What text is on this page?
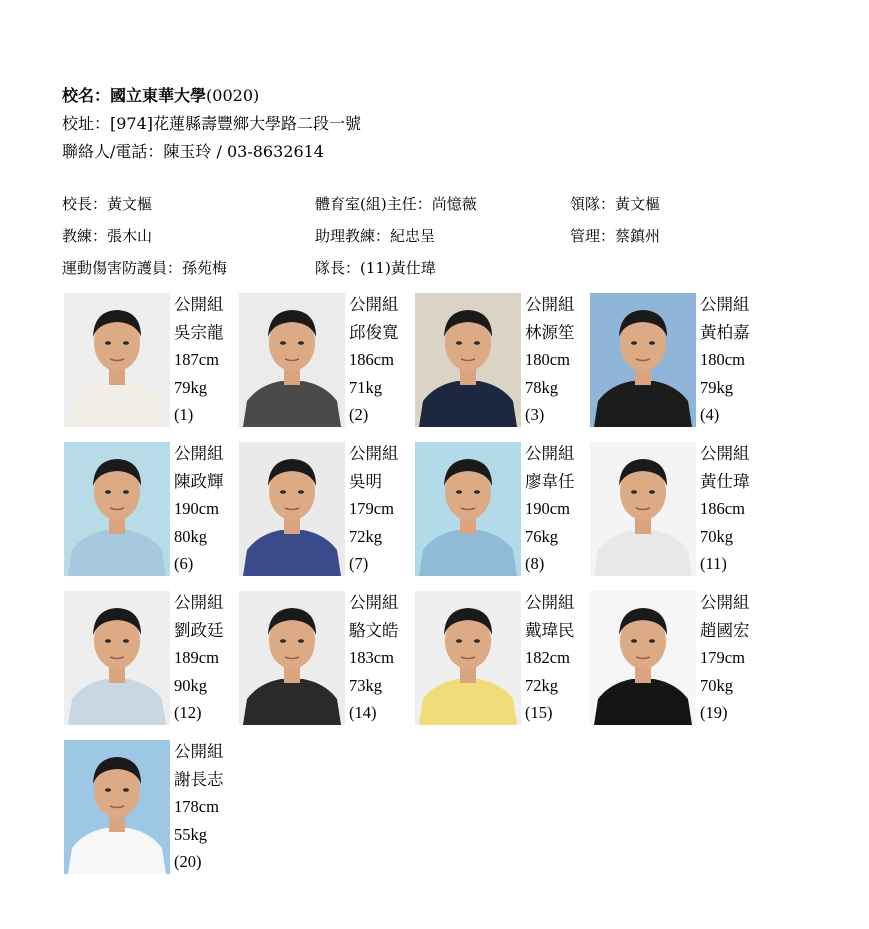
校名：國立東華大學(0020)
校址：[974]花蓮縣壽豐鄉大學路二段一號
聯絡人/電話：陳玉玲 / 03-8632614
校長：黃文樞	體育室(組)主任：尚憶薇	領隊：黃文樞
教練：張木山	助理教練：紀忠呈	管理：蔡鎮州
運動傷害防護員：孫苑梅	隊長：(11)黃仕瑋
公開組
吳宗龍
187cm
79kg
(1)
公開組
邱俊寬
186cm
71kg
(2)
公開組
林源笙
180cm
78kg
(3)
公開組
黃柏嘉
180cm
79kg
(4)
公開組
陳政輝
190cm
80kg
(6)
公開組
吳明
179cm
72kg
(7)
公開組
廖韋任
190cm
76kg
(8)
公開組
黃仕瑋
186cm
70kg
(11)
公開組
劉政廷
189cm
90kg
(12)
公開組
駱文皓
183cm
73kg
(14)
公開組
戴瑋民
182cm
72kg
(15)
公開組
趙國宏
179cm
70kg
(19)
公開組
謝長志
178cm
55kg
(20)
